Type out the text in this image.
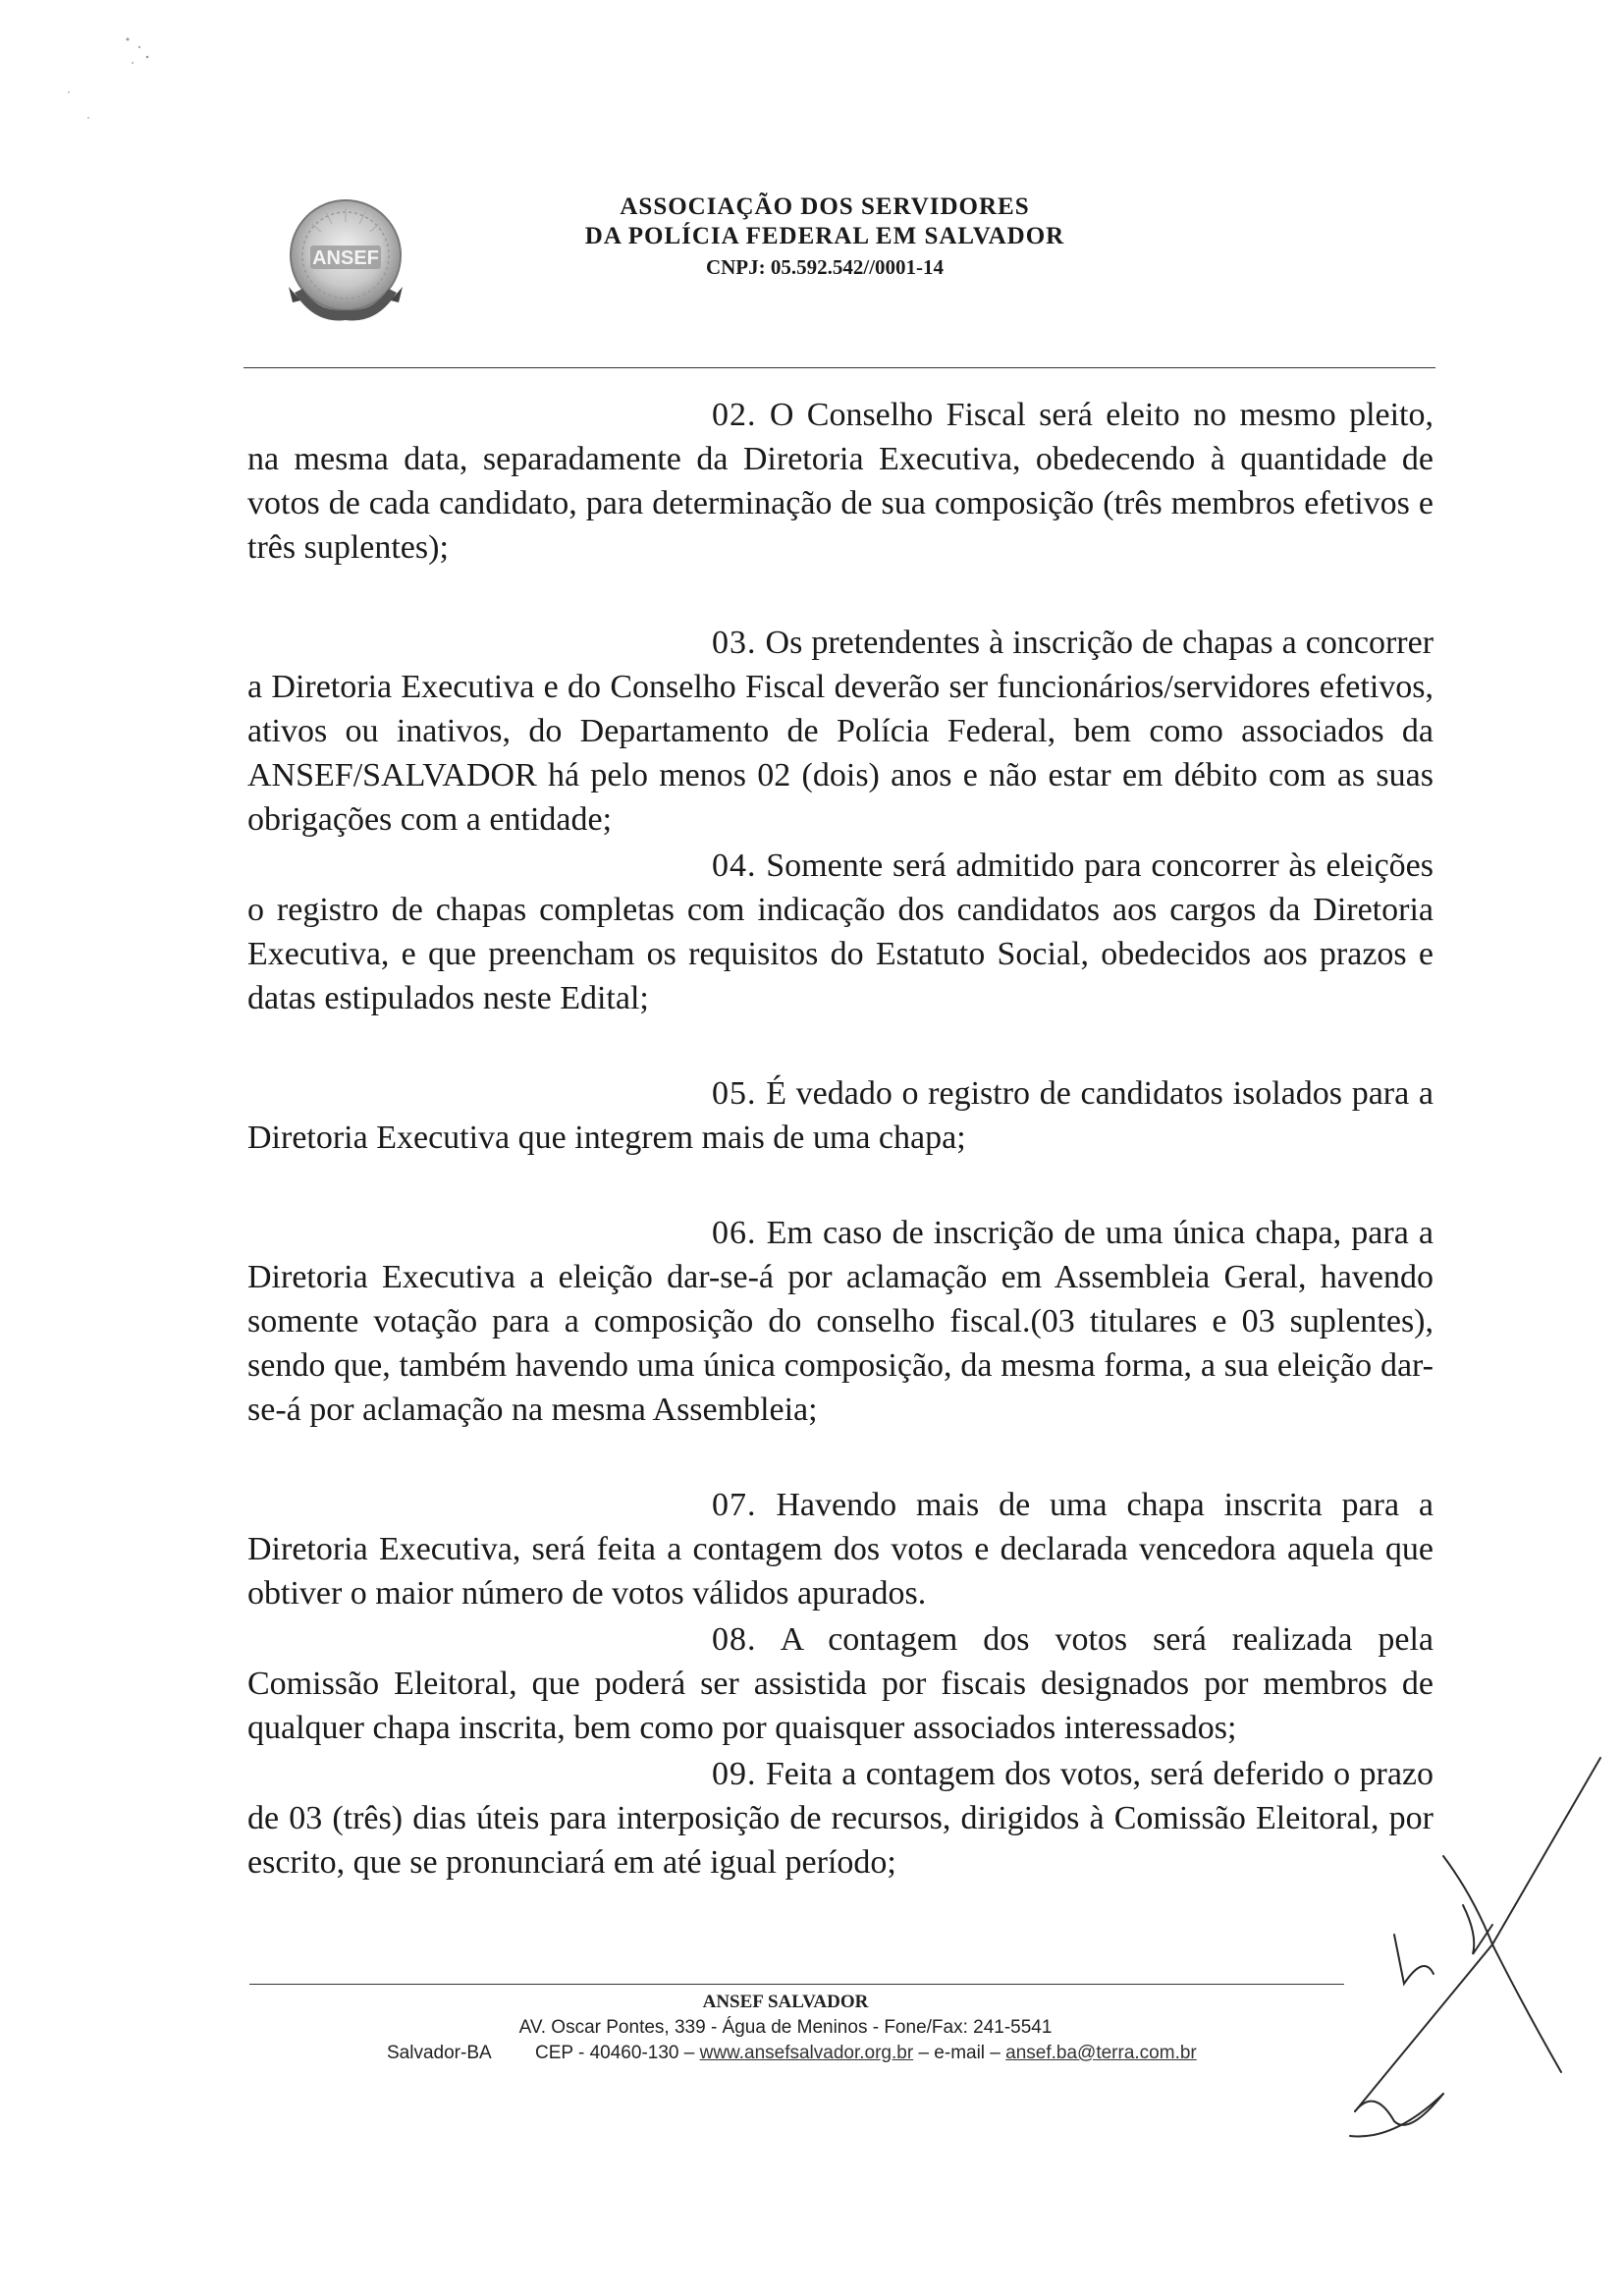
ANSEF
ASSOCIAÇÃO DOS SERVIDORES
DA POLÍCIA FEDERAL EM SALVADOR
CNPJ: 05.592.542//0001-14

02. O Conselho Fiscal será eleito no mesmo pleito, na mesma data, separadamente da Diretoria Executiva, obedecendo à quantidade de votos de cada candidato, para determinação de sua composição (três membros efetivos e três suplentes);

03. Os pretendentes à inscrição de chapas a concorrer a Diretoria Executiva e do Conselho Fiscal deverão ser funcionários/servidores efetivos, ativos ou inativos, do Departamento de Polícia Federal, bem como associados da ANSEF/SALVADOR há pelo menos 02 (dois) anos e não estar em débito com as suas obrigações com a entidade;

04. Somente será admitido para concorrer às eleições o registro de chapas completas com indicação dos candidatos aos cargos da Diretoria Executiva, e que preencham os requisitos do Estatuto Social, obedecidos aos prazos e datas estipulados neste Edital;

05. É vedado o registro de candidatos isolados para a Diretoria Executiva que integrem mais de uma chapa;

06. Em caso de inscrição de uma única chapa, para a Diretoria Executiva a eleição dar-se-á por aclamação em Assembleia Geral, havendo somente votação para a composição do conselho fiscal.(03 titulares e 03 suplentes), sendo que, também havendo uma única composição, da mesma forma, a sua eleição dar-se-á por aclamação na mesma Assembleia;

07. Havendo mais de uma chapa inscrita para a Diretoria Executiva, será feita a contagem dos votos e declarada vencedora aquela que obtiver o maior número de votos válidos apurados.

08. A contagem dos votos será realizada pela Comissão Eleitoral, que poderá ser assistida por fiscais designados por membros de qualquer chapa inscrita, bem como por quaisquer associados interessados;

09. Feita a contagem dos votos, será deferido o prazo de 03 (três) dias úteis para interposição de recursos, dirigidos à Comissão Eleitoral, por escrito, que se pronunciará em até igual período;

ANSEF SALVADOR
AV. Oscar Pontes, 339 - Água de Meninos - Fone/Fax: 241-5541
Salvador-BA CEP - 40460-130 – www.ansefsalvador.org.br – e-mail – ansef.ba@terra.com.br
